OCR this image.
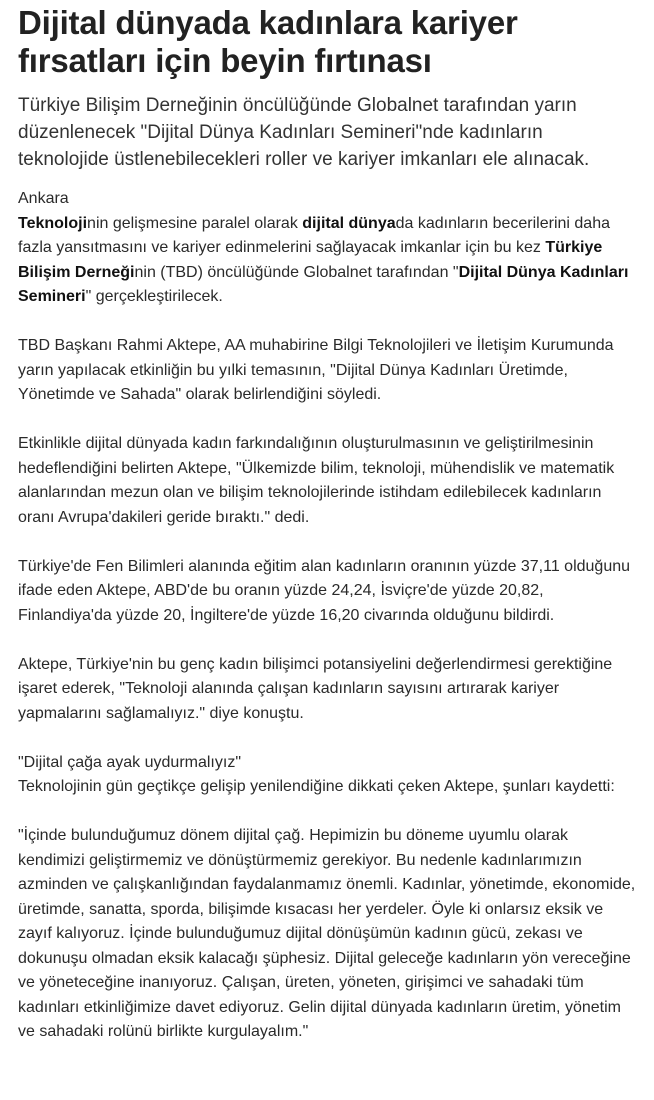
Dijital dünyada kadınlara kariyer fırsatları için beyin fırtınası

Türkiye Bilişim Derneğinin öncülüğünde Globalnet tarafından yarın düzenlenecek "Dijital Dünya Kadınları Semineri"nde kadınların teknolojide üstlenebilecekleri roller ve kariyer imkanları ele alınacak.

Ankara

Teknolojinin gelişmesine paralel olarak dijital dünyada kadınların becerilerini daha fazla yansıtmasını ve kariyer edinmelerini sağlayacak imkanlar için bu kez Türkiye Bilişim Derneğinin (TBD) öncülüğünde Globalnet tarafından "Dijital Dünya Kadınları Semineri" gerçekleştirilecek.

TBD Başkanı Rahmi Aktepe, AA muhabirine Bilgi Teknolojileri ve İletişim Kurumunda yarın yapılacak etkinliğin bu yılki temasının, "Dijital Dünya Kadınları Üretimde, Yönetimde ve Sahada" olarak belirlendiğini söyledi.

Etkinlikle dijital dünyada kadın farkındalığının oluşturulmasının ve geliştirilmesinin hedeflendiğini belirten Aktepe, "Ülkemizde bilim, teknoloji, mühendislik ve matematik alanlarından mezun olan ve bilişim teknolojilerinde istihdam edilebilecek kadınların oranı Avrupa'dakileri geride bıraktı." dedi.

Türkiye'de Fen Bilimleri alanında eğitim alan kadınların oranının yüzde 37,11 olduğunu ifade eden Aktepe, ABD'de bu oranın yüzde 24,24, İsviçre'de yüzde 20,82, Finlandiya'da yüzde 20, İngiltere'de yüzde 16,20 civarında olduğunu bildirdi.

Aktepe, Türkiye'nin bu genç kadın bilişimci potansiyelini değerlendirmesi gerektiğine işaret ederek, "Teknoloji alanında çalışan kadınların sayısını artırarak kariyer yapmalarını sağlamalıyız." diye konuştu.

"Dijital çağa ayak uydurmalıyız"

Teknolojinin gün geçtikçe gelişip yenilendiğine dikkati çeken Aktepe, şunları kaydetti:

"İçinde bulunduğumuz dönem dijital çağ. Hepimizin bu döneme uyumlu olarak kendimizi geliştirmemiz ve dönüştürmemiz gerekiyor. Bu nedenle kadınlarımızın azminden ve çalışkanlığından faydalanmamız önemli. Kadınlar, yönetimde, ekonomide, üretimde, sanatta, sporda, bilişimde kısacası her yerdeler. Öyle ki onlarsız eksik ve zayıf kalıyoruz. İçinde bulunduğumuz dijital dönüşümün kadının gücü, zekası ve dokunuşu olmadan eksik kalacağı şüphesiz. Dijital geleceğe kadınların yön vereceğine ve yöneteceğine inanıyoruz. Çalışan, üreten, yöneten, girişimci ve sahadaki tüm kadınları etkinliğimize davet ediyoruz. Gelin dijital dünyada kadınların üretim, yönetim ve sahadaki rolünü birlikte kurgulayalım."
